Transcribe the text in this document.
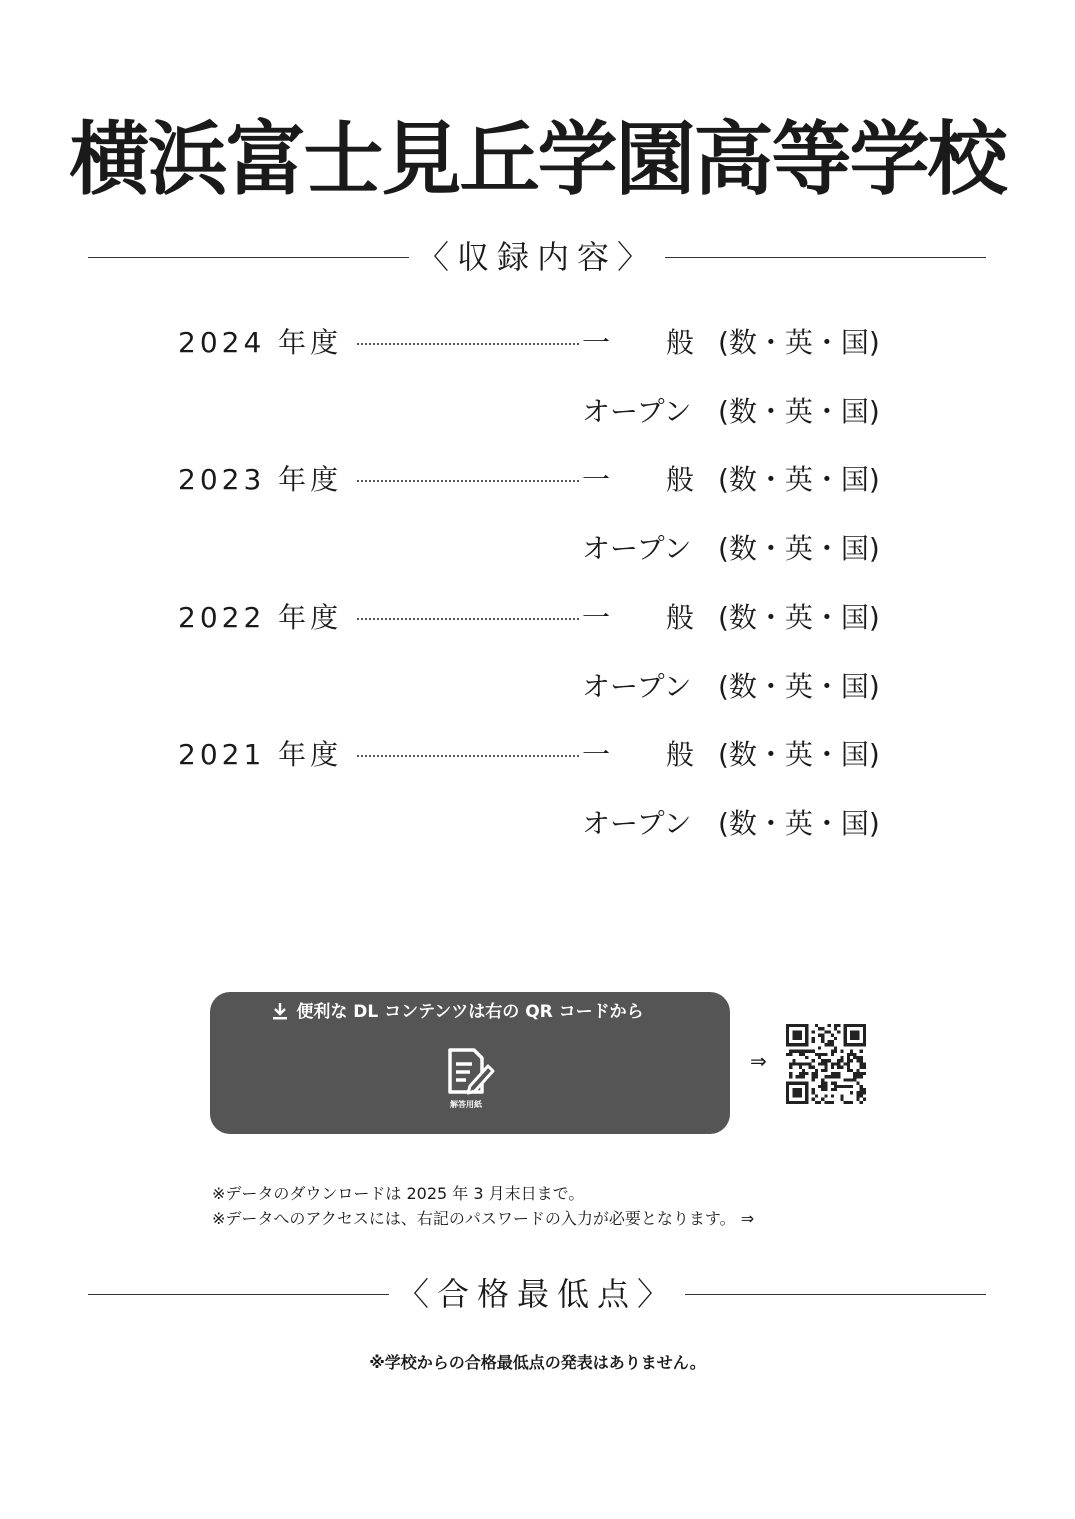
横浜富士見丘学園高等学校
〈収録内容〉
2024 年度	一　　般 (数・英・国)
オープン (数・英・国)
2023 年度	一　　般 (数・英・国)
オープン (数・英・国)
2022 年度	一　　般 (数・英・国)
オープン (数・英・国)
2021 年度	一　　般 (数・英・国)
オープン (数・英・国)
便利な DL コンテンツは右の QR コードから
解答用紙
⇒
※データのダウンロードは 2025 年 3 月末日まで。
※データへのアクセスには、右記のパスワードの入力が必要となります。 ⇒
〈合格最低点〉
※学校からの合格最低点の発表はありません。
